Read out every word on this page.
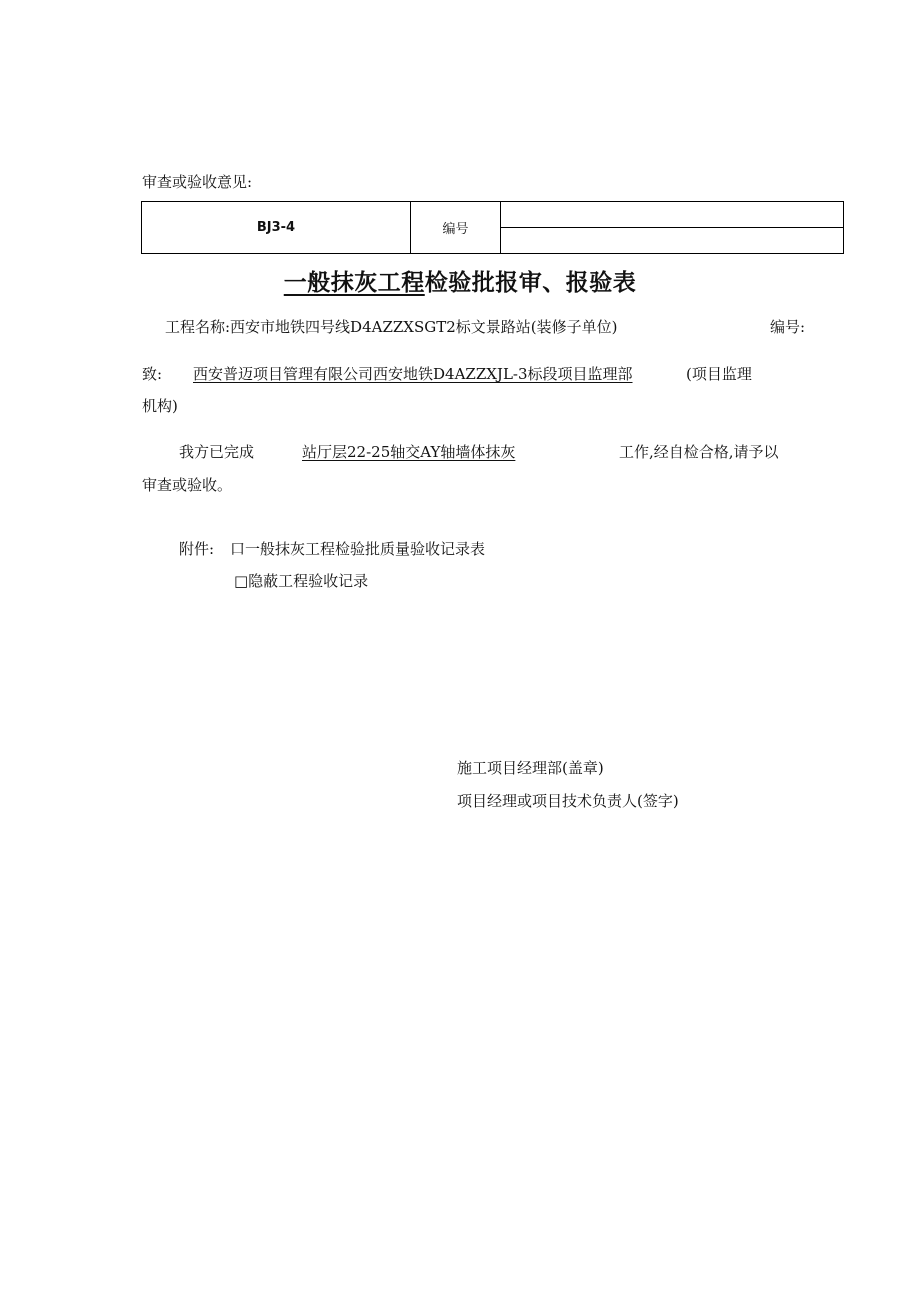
审查或验收意见:
BJ3-4	编号	

一般抹灰工程检验批报审、报验表
工程名称:西安市地铁四号线D4AZZXSGT2标文景路站(装修子单位)	编号:
致: 西安普迈项目管理有限公司西安地铁D4AZZXJL-3标段项目监理部	(项目监理
机构)
我方已完成	站厅层22-25轴交AY轴墙体抹灰	工作,经自检合格,请予以
审查或验收。
附件: 口一般抹灰工程检验批质量验收记录表
□隐蔽工程验收记录
施工项目经理部(盖章)
项目经理或项目技术负责人(签字)
